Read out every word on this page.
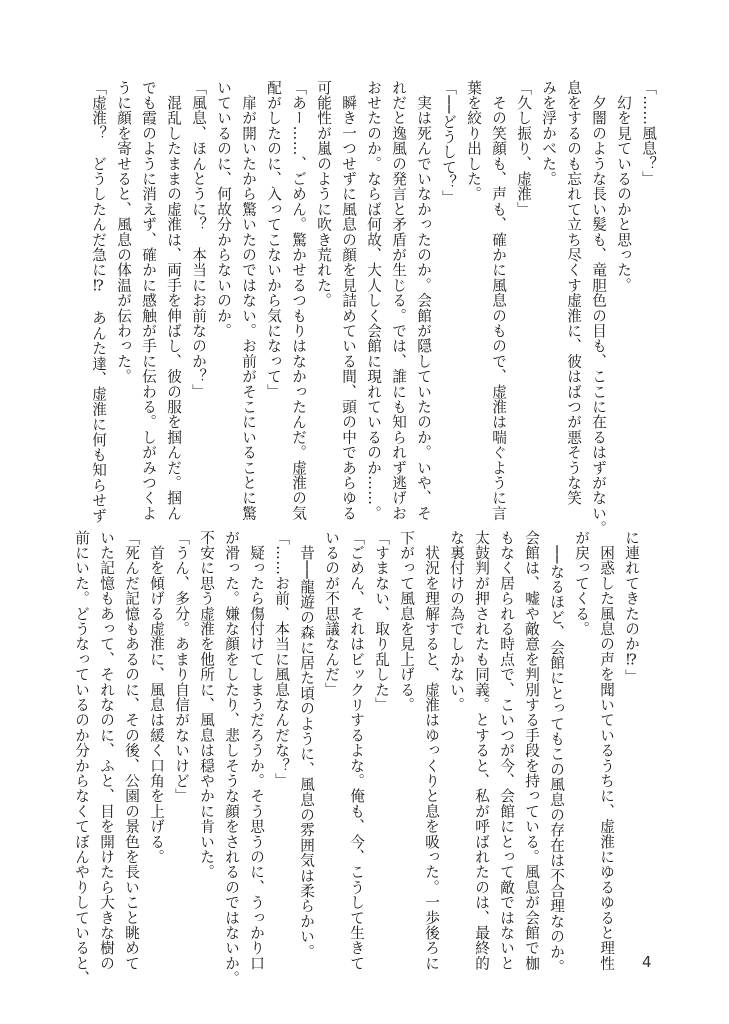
「……風息？」
　幻を見ているのかと思った。
　夕闇のような長い髪も、竜胆色の目も、ここに在るはずがない。
息をするのも忘れて立ち尽くす虚淮に、彼はばつが悪そうな笑
みを浮かべた。
「久し振り、虚淮」
　その笑顔も、声も、確かに風息のもので、虚淮は喘ぐように言
葉を絞り出した。
「──どうして？」
　実は死んでいなかったのか。会館が隠していたのか。いや、そ
れだと逸風の発言と矛盾が生じる。では、誰にも知られず逃げお
おせたのか。ならば何故、大人しく会館に現れているのか……。
　瞬き一つせずに風息の顔を見詰めている間、頭の中であらゆる
可能性が嵐のように吹き荒れた。
「あー……、ごめん。驚かせるつもりはなかったんだ。虚淮の気
配がしたのに、入ってこないから気になって」
　扉が開いたから驚いたのではない。お前がそこにいることに驚
いているのに、何故分からないのか。
「風息、ほんとうに？　本当にお前なのか？」
　混乱したままの虚淮は、両手を伸ばし、彼の服を掴んだ。掴ん
でも霞のように消えず、確かに感触が手に伝わる。しがみつくよ
うに顔を寄せると、風息の体温が伝わった。
「虚淮？　どうしたんだ急に⁉　あんた達、虚淮に何も知らせず
に連れてきたのか⁉」
　困惑した風息の声を聞いているうちに、虚淮にゆるゆると理性
が戻ってくる。
　──なるほど、会館にとってもこの風息の存在は不合理なのか。
会館は、嘘や敵意を判別する手段を持っている。風息が会館で枷
もなく居られる時点で、こいつが今、会館にとって敵ではないと
太鼓判が押されたも同義。とすると、私が呼ばれたのは、最終的
な裏付けの為でしかない。
　状況を理解すると、虚淮はゆっくりと息を吸った。一歩後ろに
下がって風息を見上げる。
「すまない、取り乱した」
「ごめん、それはビックリするよな。俺も、今、こうして生きて
いるのが不思議なんだ」
　昔──龍遊の森に居た頃のように、風息の雰囲気は柔らかい。
「……お前、本当に風息なんだな？」
　疑ったら傷付けてしまうだろうか。そう思うのに、うっかり口
が滑った。嫌な顔をしたり、悲しそうな顔をされるのではないか。
不安に思う虚淮を他所に、風息は穏やかに肯いた。
「うん、多分。あまり自信がないけど」
　首を傾げる虚淮に、風息は緩く口角を上げる。
「死んだ記憶もあるのに、その後、公園の景色を長いこと眺めて
いた記憶もあって、それなのに、ふと、目を開けたら大きな樹の
前にいた。どうなっているのか分からなくてぼんやりしていると、	4
